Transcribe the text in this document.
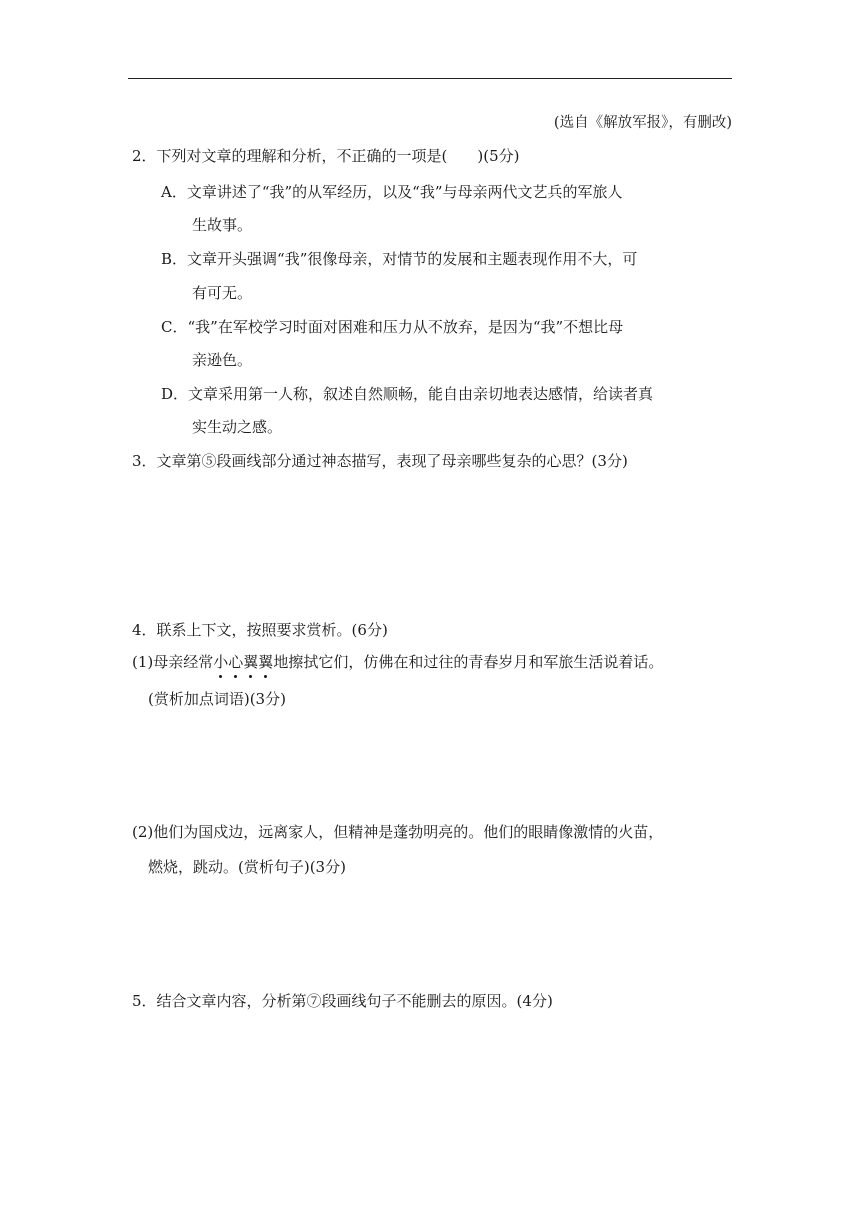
(选自《解放军报》，有删改)
2．下列对文章的理解和分析，不正确的一项是(　　)(5分)
A．文章讲述了“我”的从军经历，以及“我”与母亲两代文艺兵的军旅人
生故事。
B．文章开头强调“我”很像母亲，对情节的发展和主题表现作用不大，可
有可无。
C．“我”在军校学习时面对困难和压力从不放弃，是因为“我”不想比母
亲逊色。
D．文章采用第一人称，叙述自然顺畅，能自由亲切地表达感情，给读者真
实生动之感。
3．文章第⑤段画线部分通过神态描写，表现了母亲哪些复杂的心思？(3分)
4．联系上下文，按照要求赏析。(6分)
(1)母亲经常小
心
翼
翼
地擦拭它们，仿佛在和过往的青春岁月和军旅生活说着话。
(赏析加点词语)(3分)
(2)他们为国戍边，远离家人，但精神是蓬勃明亮的。他们的眼睛像激情的火苗，
燃烧，跳动。(赏析句子)(3分)
5．结合文章内容，分析第⑦段画线句子不能删去的原因。(4分)
